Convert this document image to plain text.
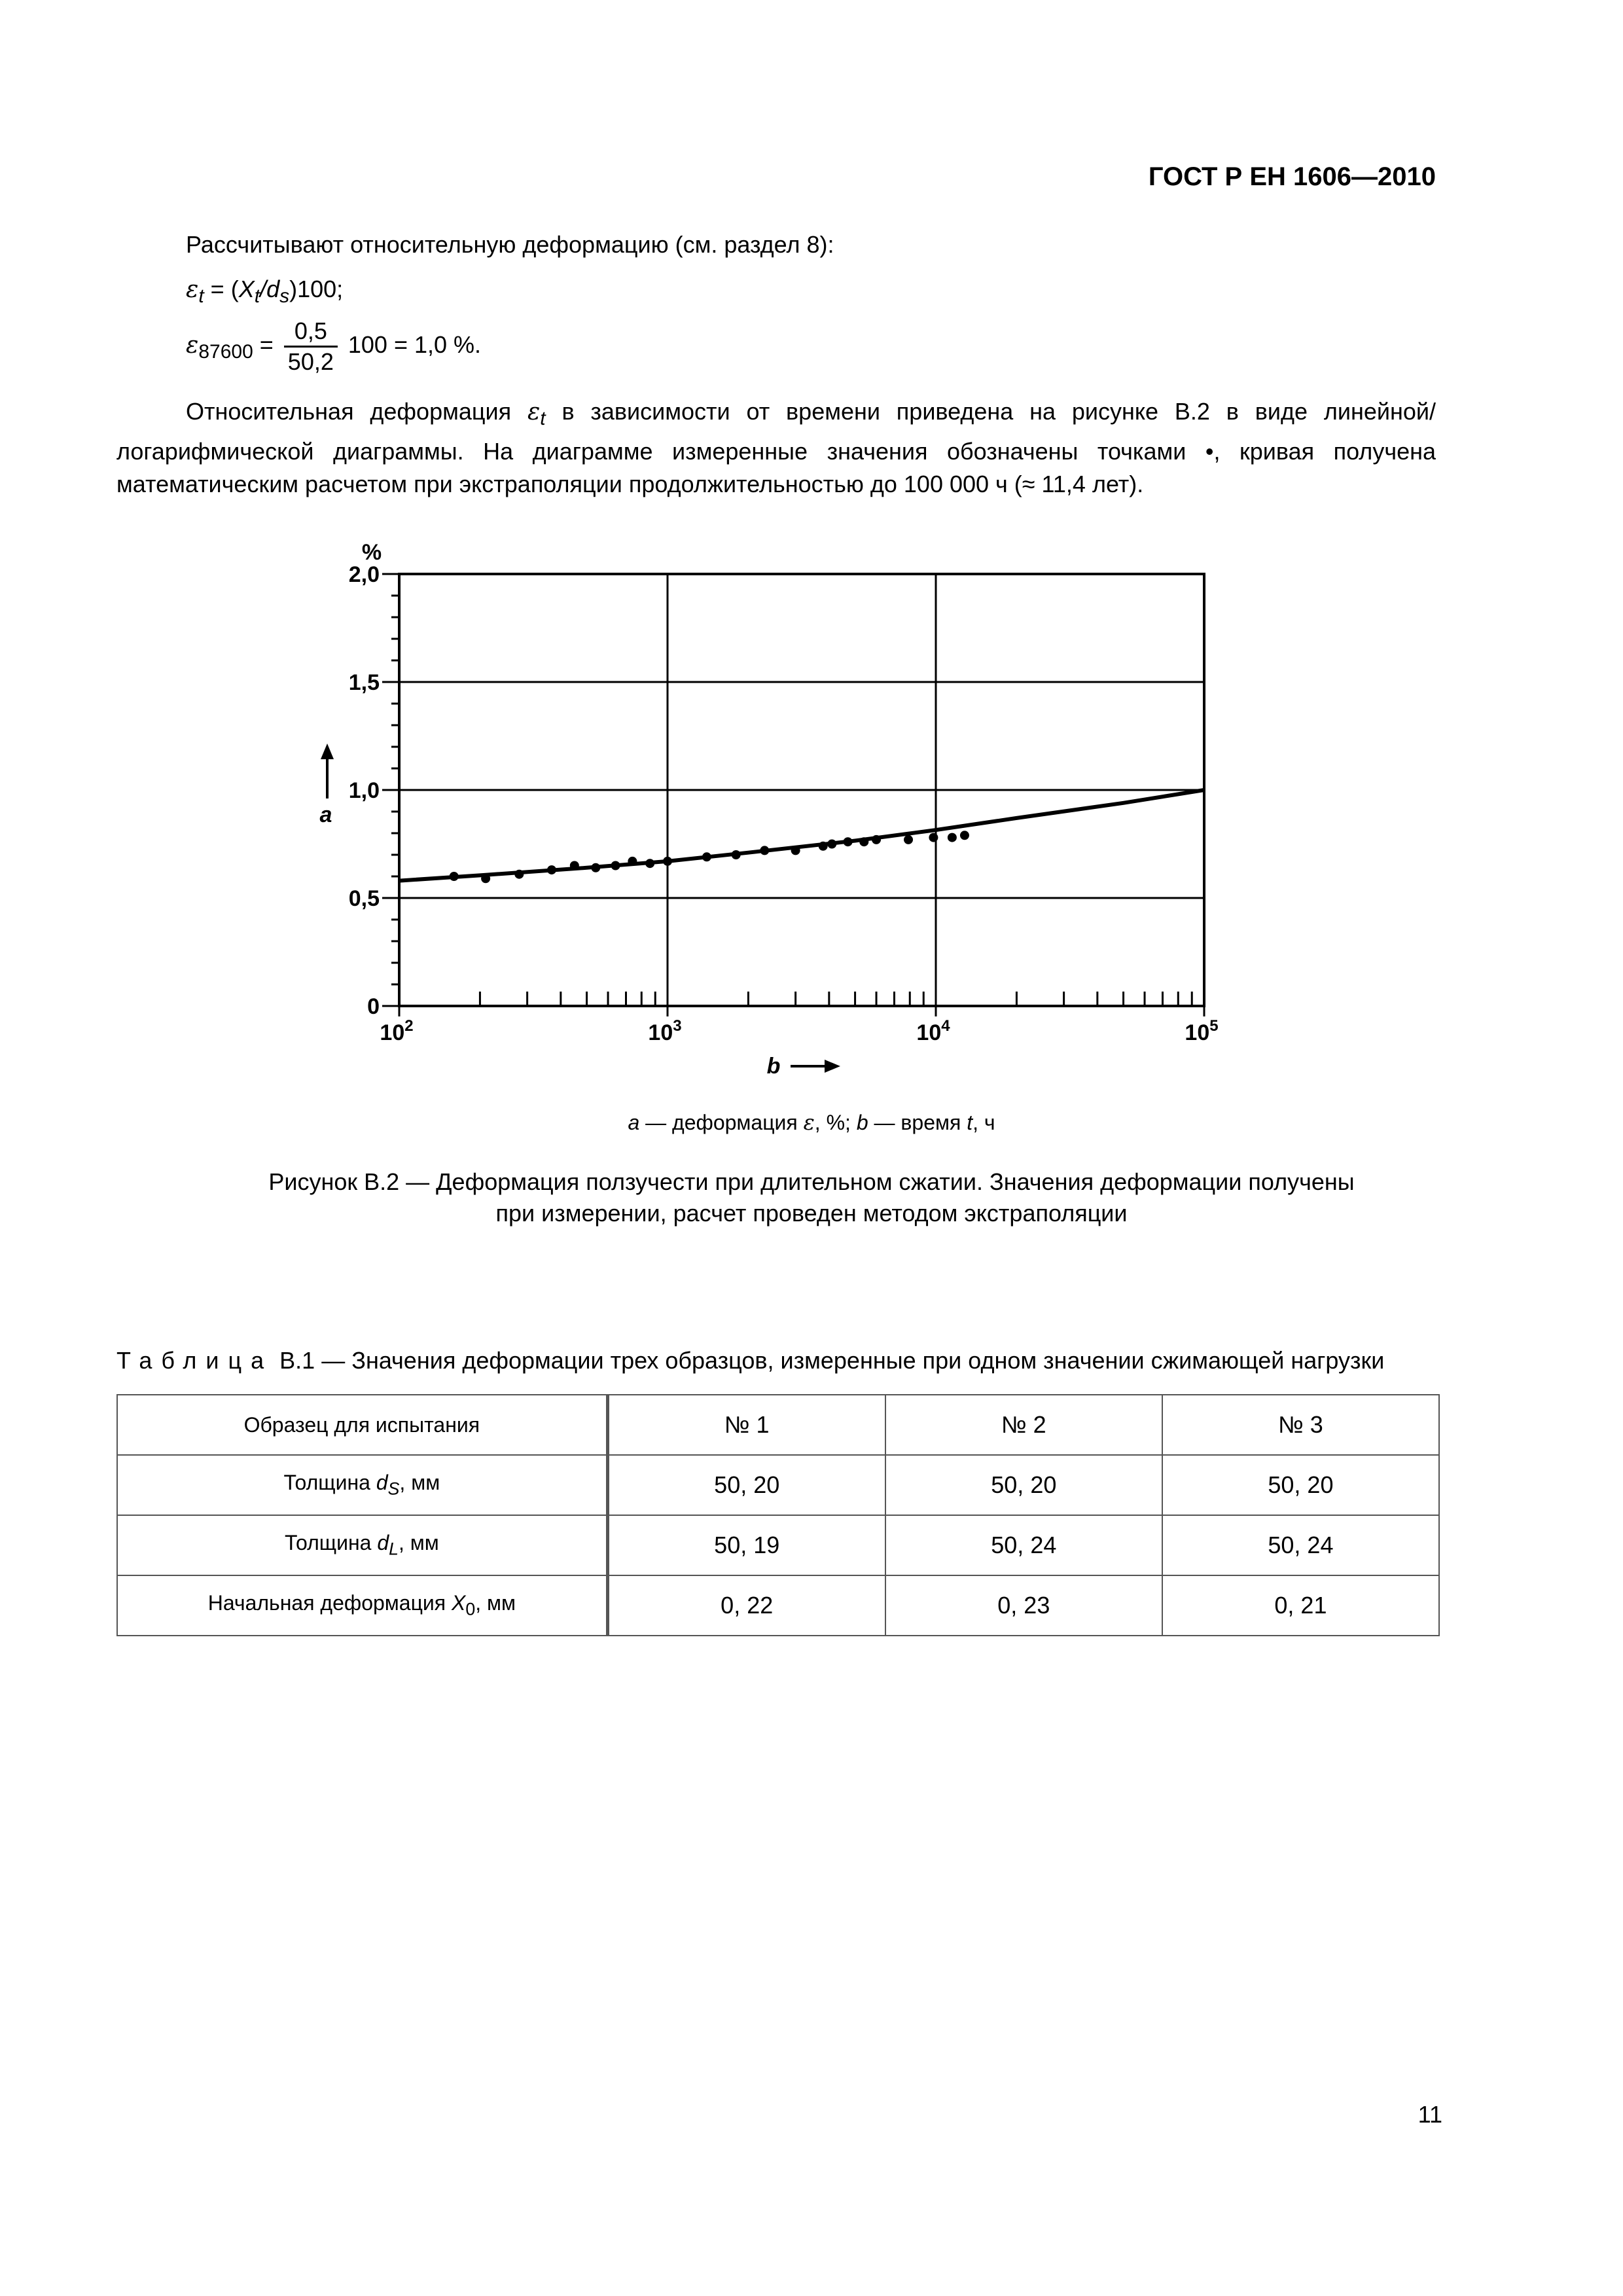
ГОСТ Р ЕН 1606—2010
Рассчитывают относительную деформацию (см. раздел 8):
$\varepsilon_t = (X_t/d_s)100$;
$\varepsilon_{87600} = \frac{0,5}{50,2} 100 = 1,0$ %.
Относительная деформация $\varepsilon_t$ в зависимости от времени приведена на рисунке В.2 в виде линейной/логарифмической диаграммы. На диаграмме измеренные значения обозначены точками •, кривая получена математическим расчетом при экстраполяции продолжительностью до 100 000 ч (≈ 11,4 лет).
0
0,5
1,0
1,5
2,0
$10^2$	$10^3$	$10^4$	$10^5$
%
a
b
a — деформация ε, %; b — время t, ч
Рисунок В.2 — Деформация ползучести при длительном сжатии. Значения деформации получены
при измерении, расчет проведен методом экстраполяции
Таблица В.1 — Значения деформации трех образцов, измеренные при одном значении сжимающей нагрузки
Образец для испытания	№ 1	№ 2	№ 3
Толщина $d_S$, мм	50, 20	50, 20	50, 20
Толщина $d_L$, мм	50, 19	50, 24	50, 24
Начальная деформация $X_0$, мм	0, 22	0, 23	0, 21
11
